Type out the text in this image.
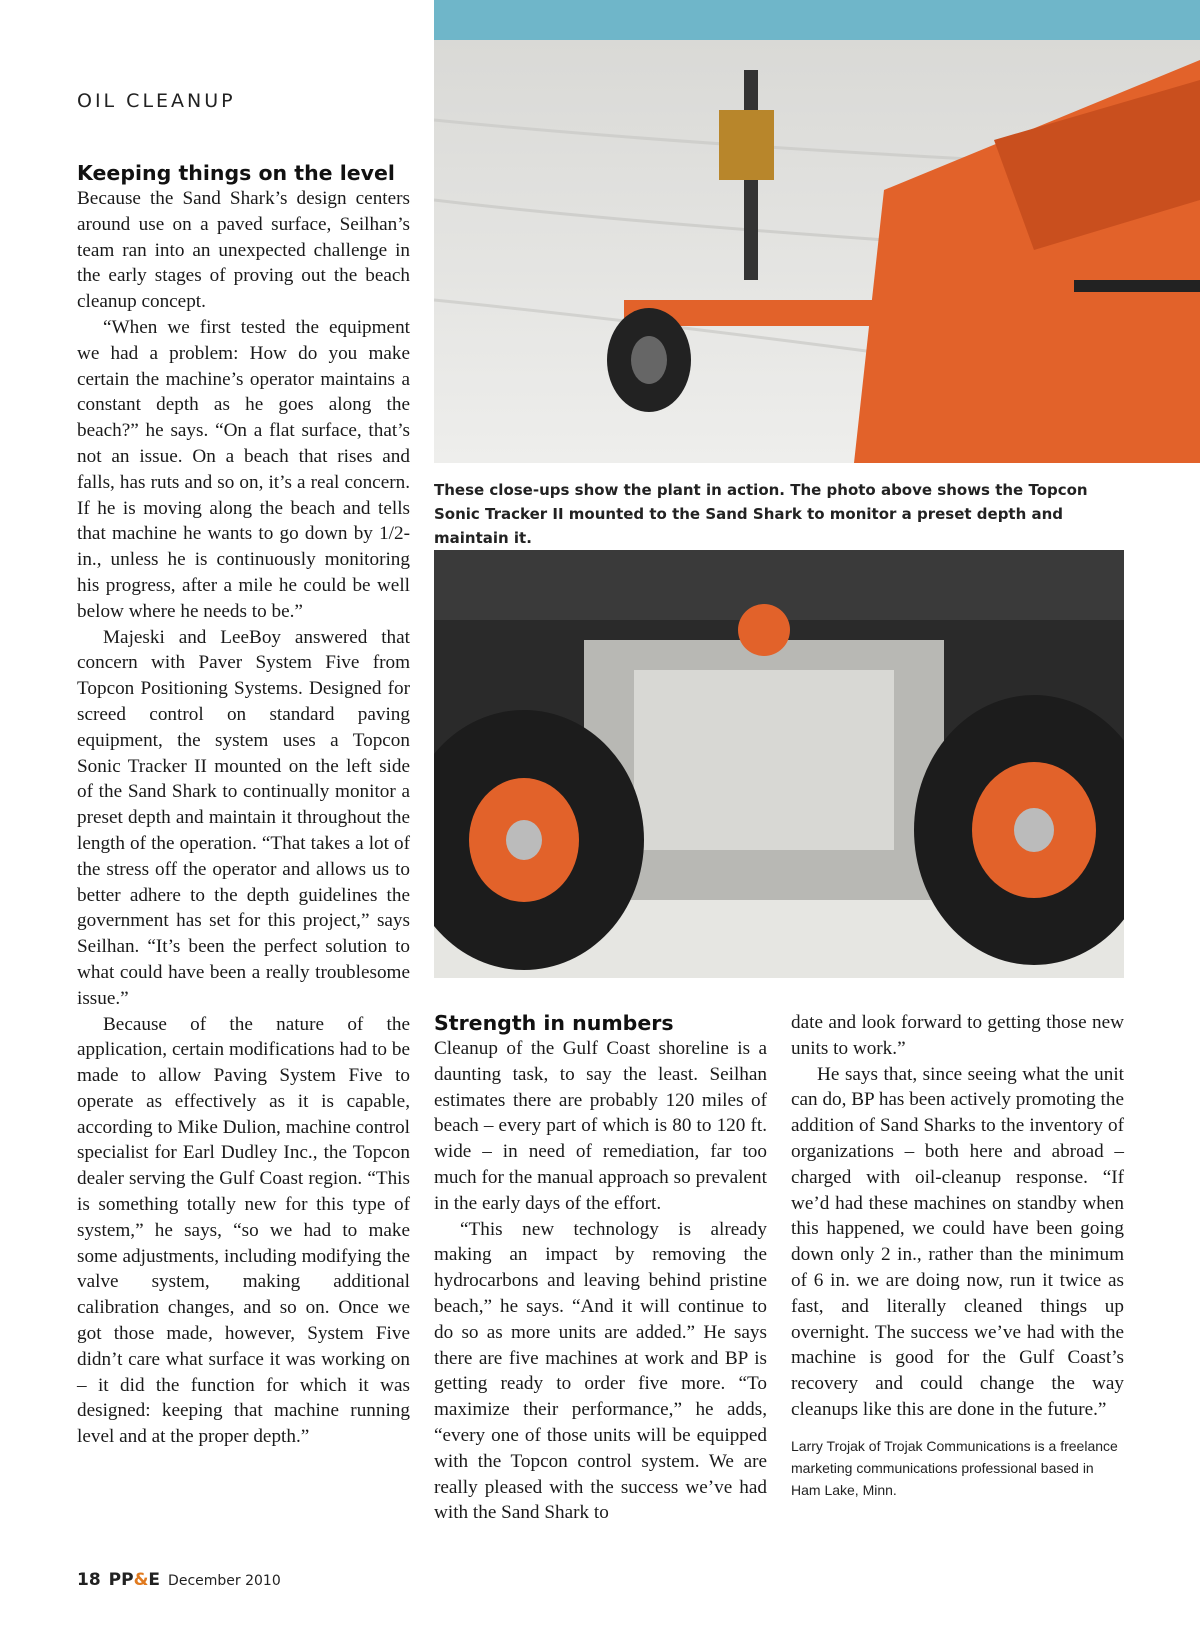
OIL CLEANUP
Keeping things on the level

Because the Sand Shark’s design centers around use on a paved surface, Seilhan’s team ran into an unexpected challenge in the early stages of proving out the beach cleanup concept.

“When we first tested the equipment we had a problem: How do you make certain the machine’s operator maintains a constant depth as he goes along the beach?” he says. “On a flat surface, that’s not an issue. On a beach that rises and falls, has ruts and so on, it’s a real concern. If he is moving along the beach and tells that machine he wants to go down by 1/2-in., unless he is continuously monitoring his progress, after a mile he could be well below where he needs to be.”

Majeski and LeeBoy answered that concern with Paver System Five from Topcon Positioning Systems. Designed for screed control on standard paving equipment, the system uses a Topcon Sonic Tracker II mounted on the left side of the Sand Shark to continually monitor a preset depth and maintain it throughout the length of the operation. “That takes a lot of the stress off the operator and allows us to better adhere to the depth guidelines the government has set for this project,” says Seilhan. “It’s been the perfect solution to what could have been a really troublesome issue.”

Because of the nature of the application, certain modifications had to be made to allow Paving System Five to operate as effectively as it is capable, according to Mike Dulion, machine control specialist for Earl Dudley Inc., the Topcon dealer serving the Gulf Coast region. “This is something totally new for this type of system,” he says, “so we had to make some adjustments, including modifying the valve system, making additional calibration changes, and so on. Once we got those made, however, System Five didn’t care what surface it was working on – it did the function for which it was designed: keeping that machine running level and at the proper depth.”

These close-ups show the plant in action. The photo above shows the Topcon Sonic Tracker II mounted to the Sand Shark to monitor a preset depth and maintain it.
Strength in numbers

Cleanup of the Gulf Coast shoreline is a daunting task, to say the least. Seilhan estimates there are probably 120 miles of beach – every part of which is 80 to 120 ft. wide – in need of remediation, far too much for the manual approach so prevalent in the early days of the effort.

“This new technology is already making an impact by removing the hydrocarbons and leaving behind pristine beach,” he says. “And it will continue to do so as more units are added.” He says there are five machines at work and BP is getting ready to order five more. “To maximize their performance,” he adds, “every one of those units will be equipped with the Topcon control system. We are really pleased with the success we’ve had with the Sand Shark to

date and look forward to getting those new units to work.”

He says that, since seeing what the unit can do, BP has been actively promoting the addition of Sand Sharks to the inventory of organizations – both here and abroad – charged with oil-cleanup response. “If we’d had these machines on standby when this happened, we could have been going down only 2 in., rather than the minimum of 6 in. we are doing now, run it twice as fast, and literally cleaned things up overnight. The success we’ve had with the machine is good for the Gulf Coast’s recovery and could change the way cleanups like this are done in the future.”

Larry Trojak of Trojak Communications is a freelance marketing communications professional based in Ham Lake, Minn.

18 PP&E December 2010
